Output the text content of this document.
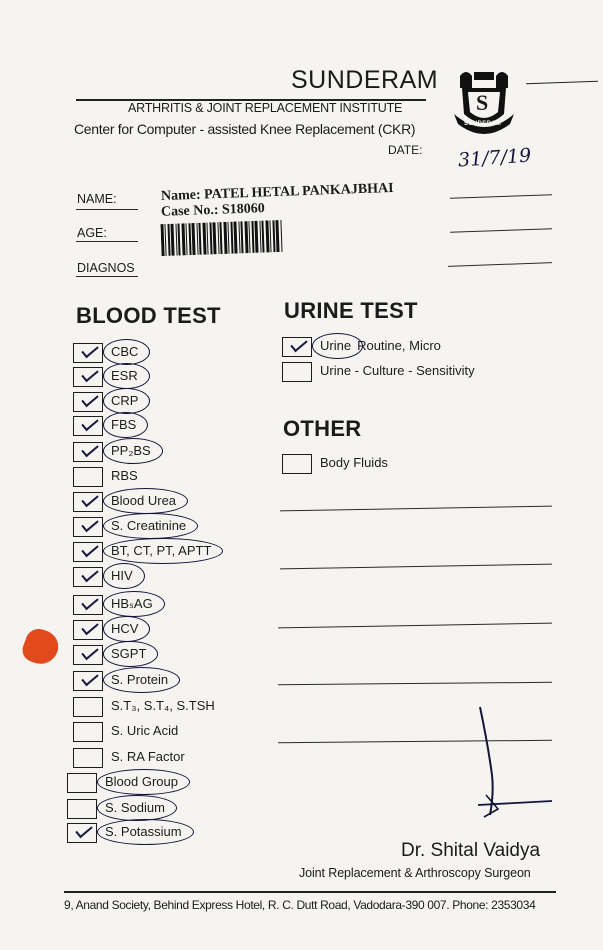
SUNDERAM
ARTHRITIS & JOINT REPLACEMENT INSTITUTE
Center for Computer - assisted Knee Replacement (CKR)
DATE: 31/7/19
S
SUNDERAM
NAME:
AGE:
DIAGNOS
Name: PATEL HETAL PANKAJBHAI
Case No.: S18060
BLOOD TEST	URINE TEST
OTHER
CBC
ESR
CRP
FBS
PP₂BS
RBS
Blood Urea
S. Creatinine
BT, CT, PT, APTT
HIV
HBₛAG
HCV
SGPT
S. Protein
S.T₃, S.T₄, S.TSH
S. Uric Acid
S. RA Factor
Blood Group
S. Sodium
S. Potassium
Urine Routine, Micro
Urine - Culture - Sensitivity
Body Fluids
Dr. Shital Vaidya
Joint Replacement & Arthroscopy Surgeon
9, Anand Society, Behind Express Hotel, R. C. Dutt Road, Vadodara-390 007. Phone: 2353034
